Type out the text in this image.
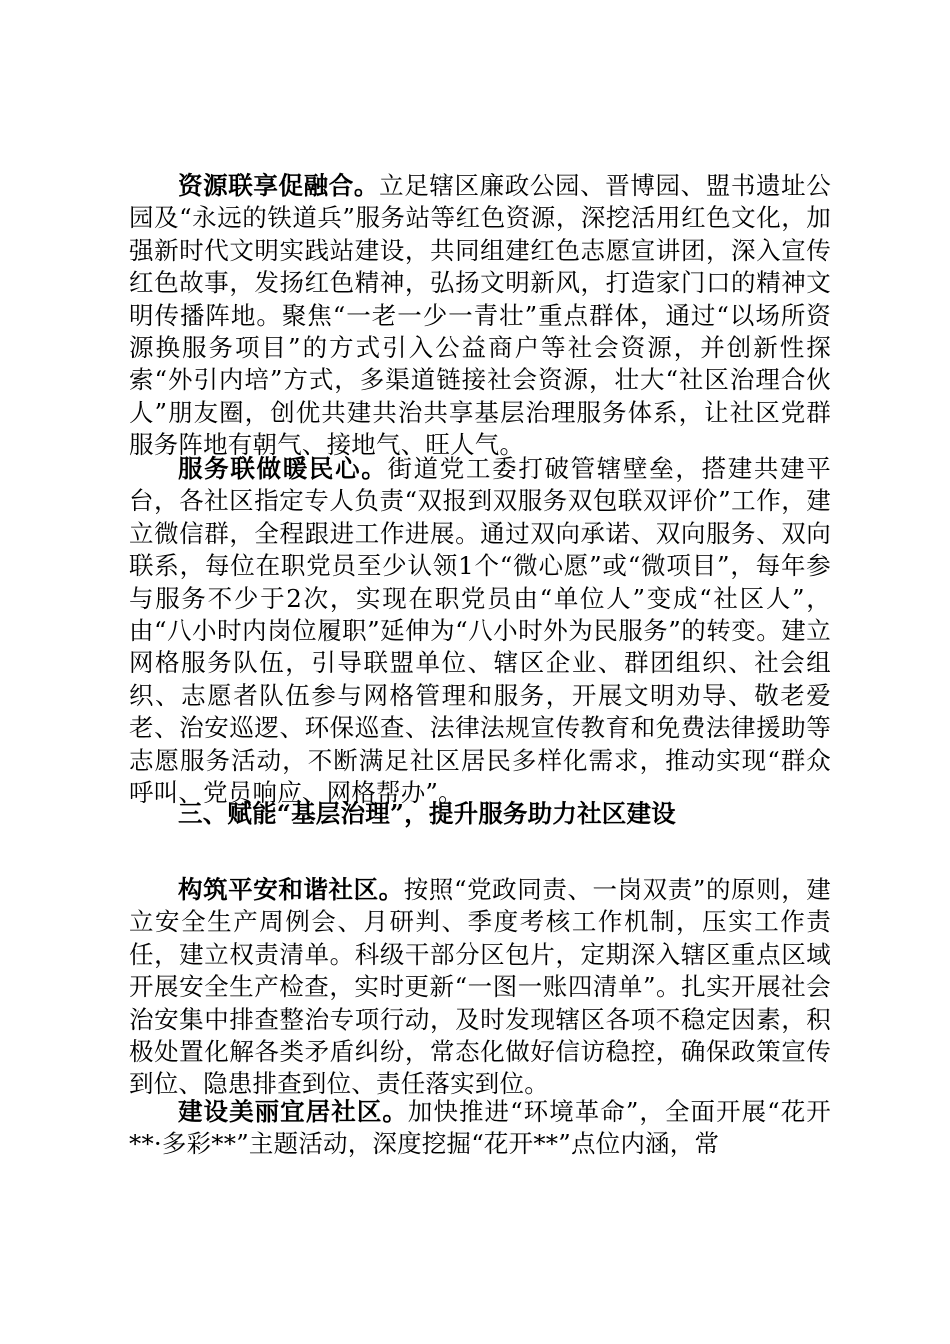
资源联享促融合。立足辖区廉政公园、晋博园、盟书遗址公园及“永远的铁道兵”服务站等红色资源，深挖活用红色文化，加强新时代文明实践站建设，共同组建红色志愿宣讲团，深入宣传红色故事，发扬红色精神，弘扬文明新风，打造家门口的精神文明传播阵地。聚焦“一老一少一青壮”重点群体，通过“以场所资源换服务项目”的方式引入公益商户等社会资源，并创新性探索“外引内培”方式，多渠道链接社会资源，壮大“社区治理合伙人”朋友圈，创优共建共治共享基层治理服务体系，让社区党群服务阵地有朝气、接地气、旺人气。

服务联做暖民心。街道党工委打破管辖壁垒，搭建共建平台，各社区指定专人负责“双报到双服务双包联双评价”工作，建立微信群，全程跟进工作进展。通过双向承诺、双向服务、双向联系，每位在职党员至少认领1个“微心愿”或“微项目”，每年参与服务不少于2次，实现在职党员由“单位人”变成“社区人”，由“八小时内岗位履职”延伸为“八小时外为民服务”的转变。建立网格服务队伍，引导联盟单位、辖区企业、群团组织、社会组织、志愿者队伍参与网格管理和服务，开展文明劝导、敬老爱老、治安巡逻、环保巡查、法律法规宣传教育和免费法律援助等志愿服务活动，不断满足社区居民多样化需求，推动实现“群众呼叫、党员响应、网格帮办”。

三、赋能“基层治理”，提升服务助力社区建设

构筑平安和谐社区。按照“党政同责、一岗双责”的原则，建立安全生产周例会、月研判、季度考核工作机制，压实工作责任，建立权责清单。科级干部分区包片，定期深入辖区重点区域开展安全生产检查，实时更新“一图一账四清单”。扎实开展社会治安集中排查整治专项行动，及时发现辖区各项不稳定因素，积极处置化解各类矛盾纠纷，常态化做好信访稳控，确保政策宣传到位、隐患排查到位、责任落实到位。

建设美丽宜居社区。加快推进“环境革命”，全面开展“花开**·多彩**”主题活动，深度挖掘“花开**”点位内涵，常
